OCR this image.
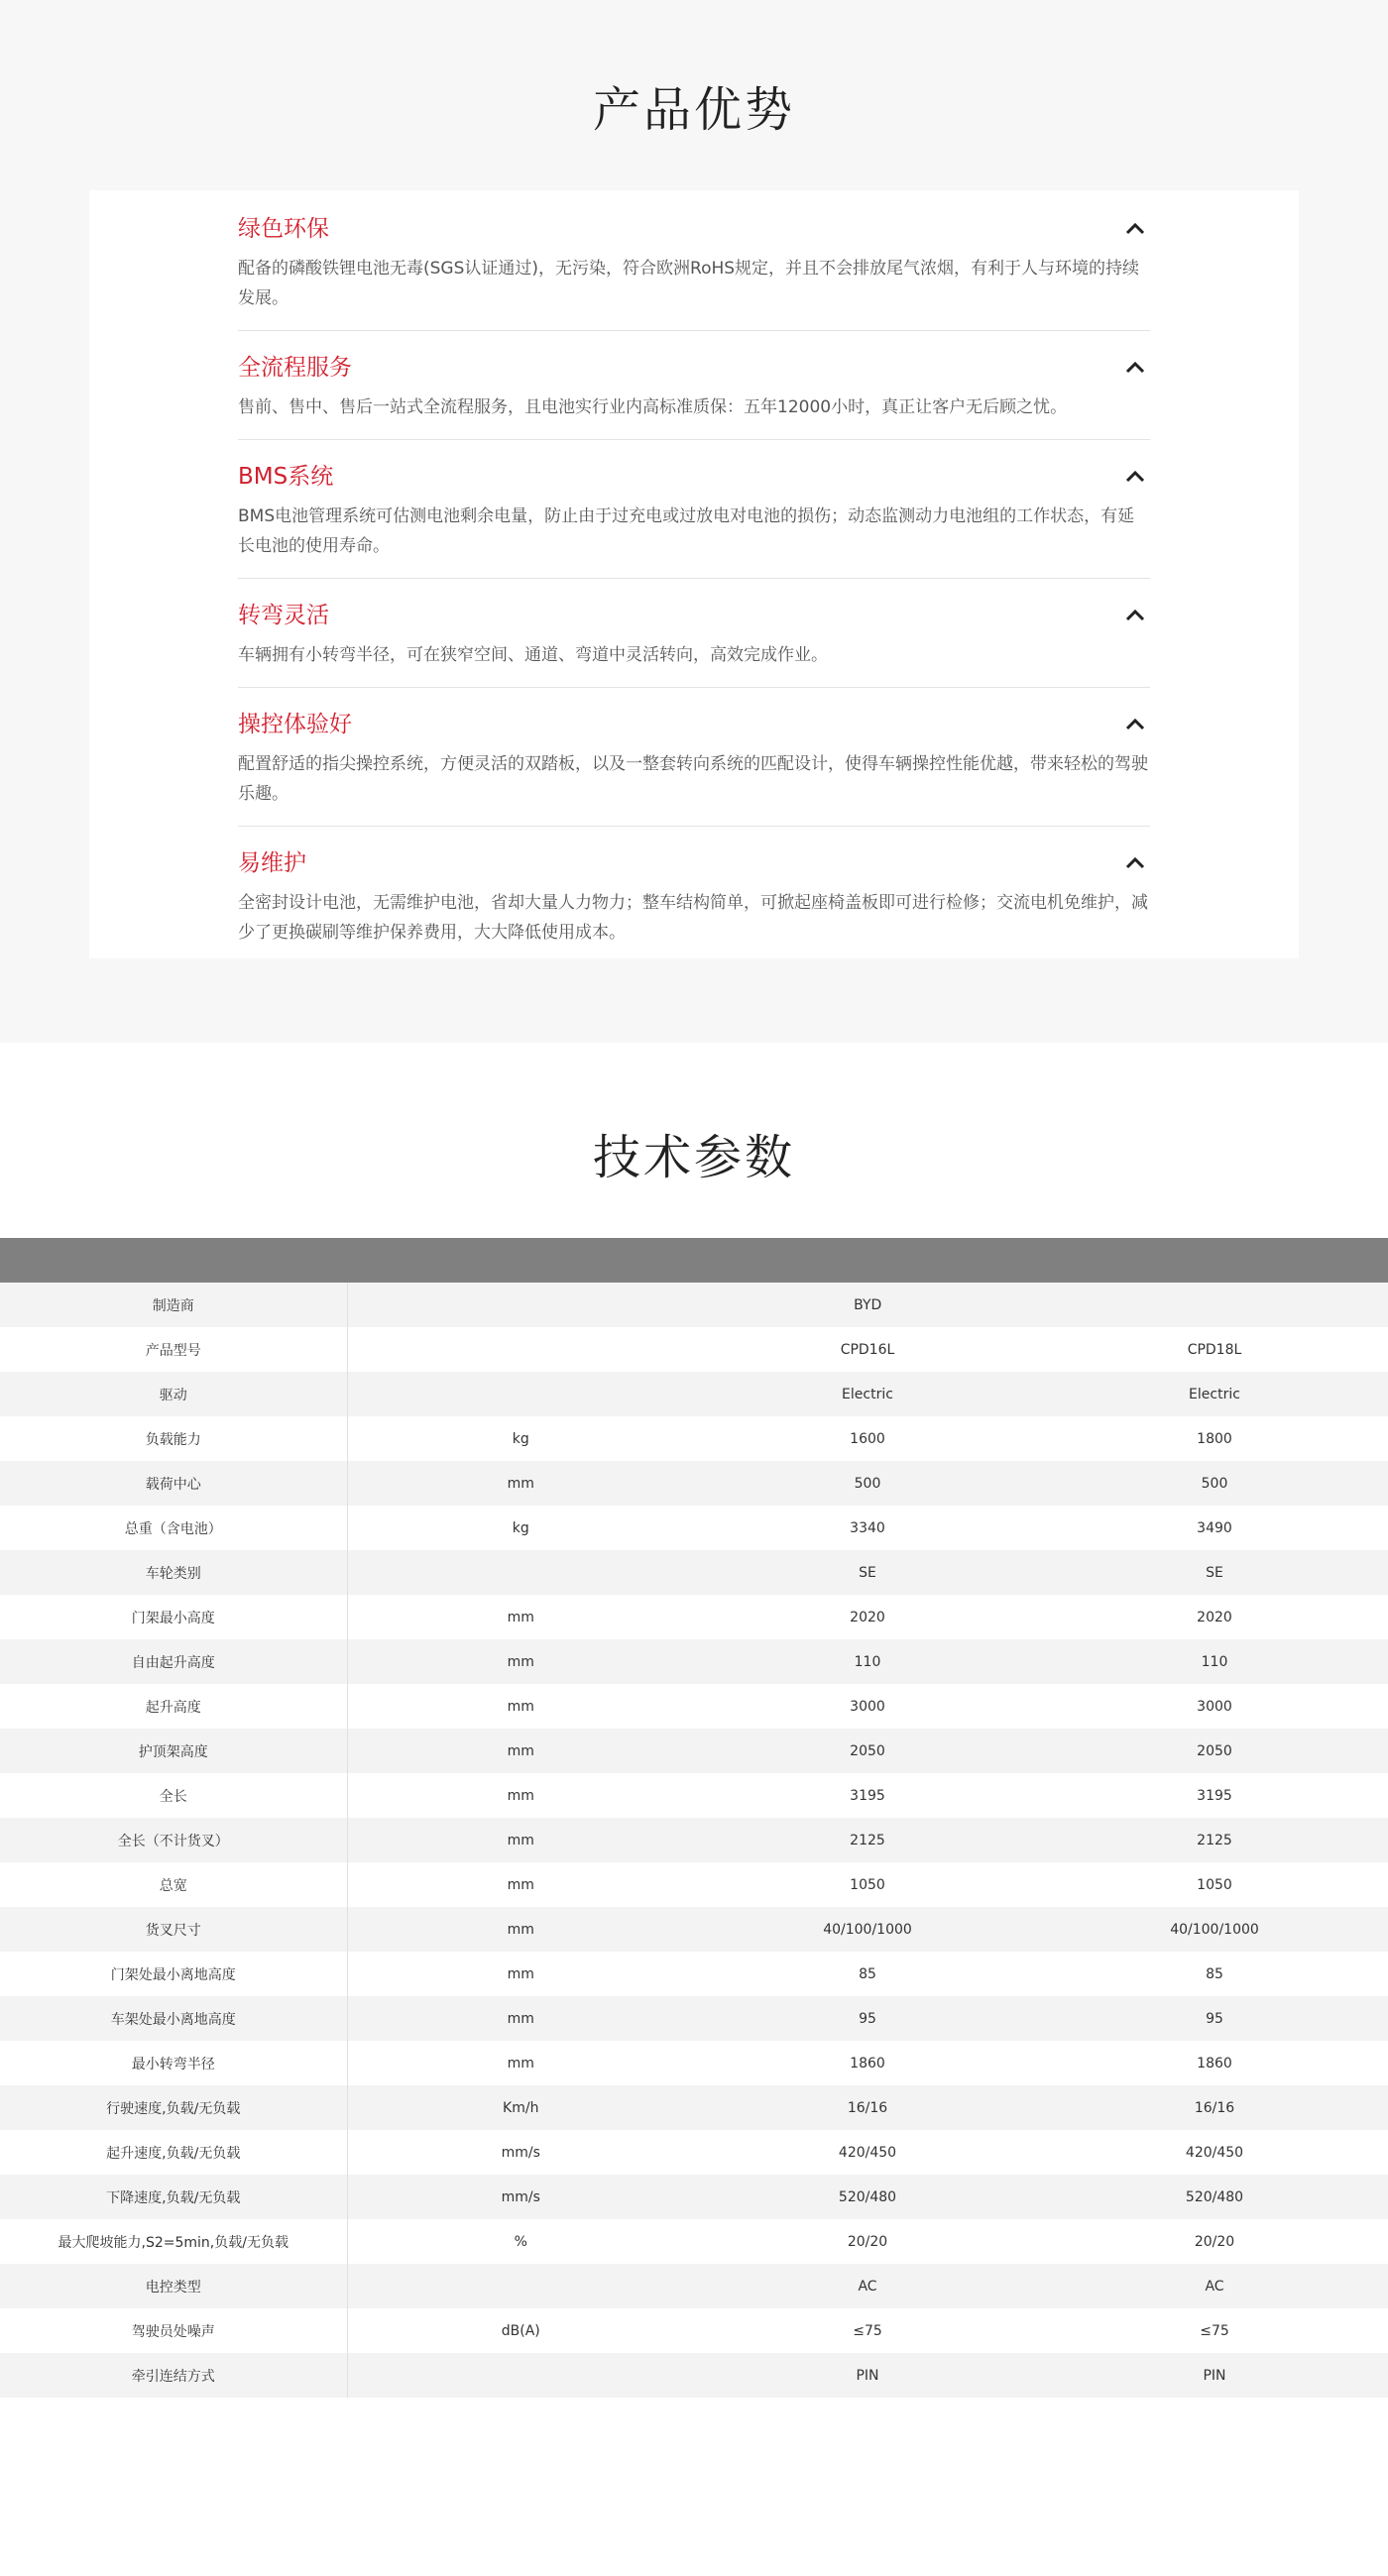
产品优势
绿色环保

配备的磷酸铁锂电池无毒(SGS认证通过)，无污染，符合欧洲RoHS规定，并且不会排放尾气浓烟，有利于人与环境的持续发展。

全流程服务

售前、售中、售后一站式全流程服务，且电池实行业内高标准质保：五年12000小时，真正让客户无后顾之忧。

BMS系统

BMS电池管理系统可估测电池剩余电量，防止由于过充电或过放电对电池的损伤；动态监测动力电池组的工作状态，有延长电池的使用寿命。

转弯灵活

车辆拥有小转弯半径，可在狭窄空间、通道、弯道中灵活转向，高效完成作业。

操控体验好

配置舒适的指尖操控系统，方便灵活的双踏板，以及一整套转向系统的匹配设计，使得车辆操控性能优越，带来轻松的驾驶乐趣。

易维护

全密封设计电池，无需维护电池，省却大量人力物力；整车结构简单，可掀起座椅盖板即可进行检修；交流电机免维护，减少了更换碳刷等维护保养费用，大大降低使用成本。

技术参数

制造商	BYD		
产品型号		CPD16L	CPD18L
驱动		Electric	Electric
负载能力	kg	1600	1800
载荷中心	mm	500	500
总重（含电池）	kg	3340	3490
车轮类别		SE	SE
门架最小高度	mm	2020	2020
自由起升高度	mm	110	110
起升高度	mm	3000	3000
护顶架高度	mm	2050	2050
全长	mm	3195	3195
全长（不计货叉）	mm	2125	2125
总宽	mm	1050	1050
货叉尺寸	mm	40/100/1000	40/100/1000
门架处最小离地高度	mm	85	85
车架处最小离地高度	mm	95	95
最小转弯半径	mm	1860	1860
行驶速度,负载/无负载	Km/h	16/16	16/16
起升速度,负载/无负载	mm/s	420/450	420/450
下降速度,负载/无负载	mm/s	520/480	520/480
最大爬坡能力,S2=5min,负载/无负载	%	20/20	20/20
电控类型		AC	AC
驾驶员处噪声	dB(A)	≤75	≤75
牵引连结方式		PIN	PIN
